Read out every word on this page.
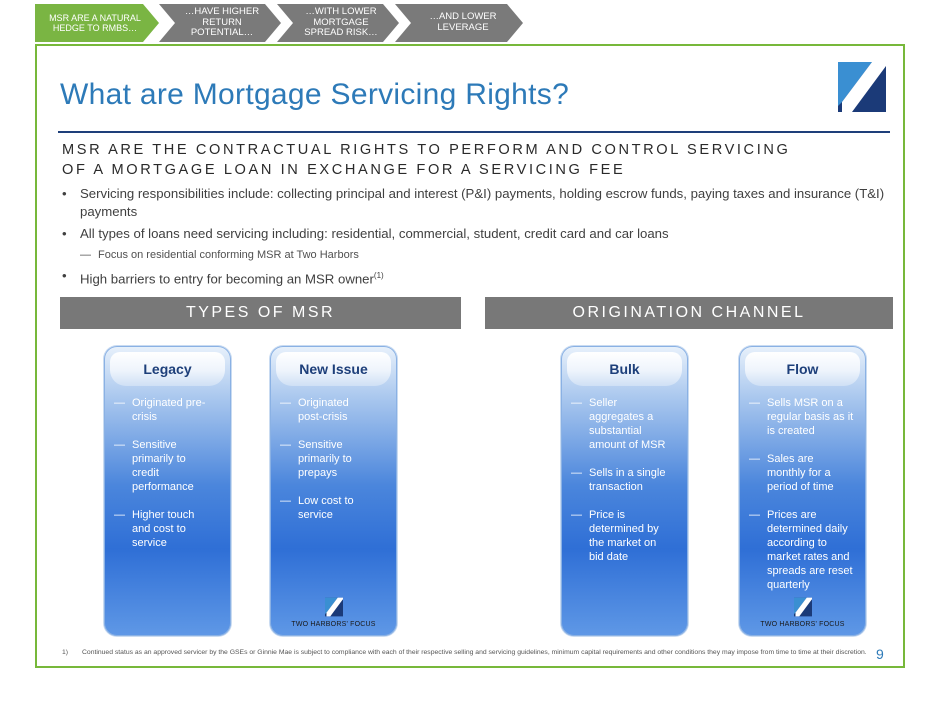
MSR ARE A NATURAL HEDGE TO RMBS…
…HAVE HIGHER RETURN POTENTIAL…
…WITH LOWER MORTGAGE SPREAD RISK…
…AND LOWER LEVERAGE
What are Mortgage Servicing Rights?
MSR ARE THE CONTRACTUAL RIGHTS TO PERFORM AND CONTROL SERVICING OF A MORTGAGE LOAN IN EXCHANGE FOR A SERVICING FEE
• Servicing responsibilities include: collecting principal and interest (P&I) payments, holding escrow funds, paying taxes and insurance (T&I) payments
• All types of loans need servicing including: residential, commercial, student, credit card and car loans
— Focus on residential conforming MSR at Two Harbors
• High barriers to entry for becoming an MSR owner$^{(1)}$
TYPES OF MSR	ORIGINATION CHANNEL
Legacy
— Originated pre-crisis
— Sensitive primarily to credit performance
— Higher touch and cost to service
New Issue
— Originated post-crisis
— Sensitive primarily to prepays
— Low cost to service
TWO HARBORS' FOCUS
Bulk
— Seller aggregates a substantial amount of MSR
— Sells in a single transaction
— Price is determined by the market on bid date
Flow
— Sells MSR on a regular basis as it is created
— Sales are monthly for a period of time
— Prices are determined daily according to market rates and spreads are reset quarterly
TWO HARBORS' FOCUS
1)	Continued status as an approved servicer by the GSEs or Ginnie Mae is subject to compliance with each of their respective selling and servicing guidelines, minimum capital requirements and other conditions they may impose from time to time at their discretion. 9
